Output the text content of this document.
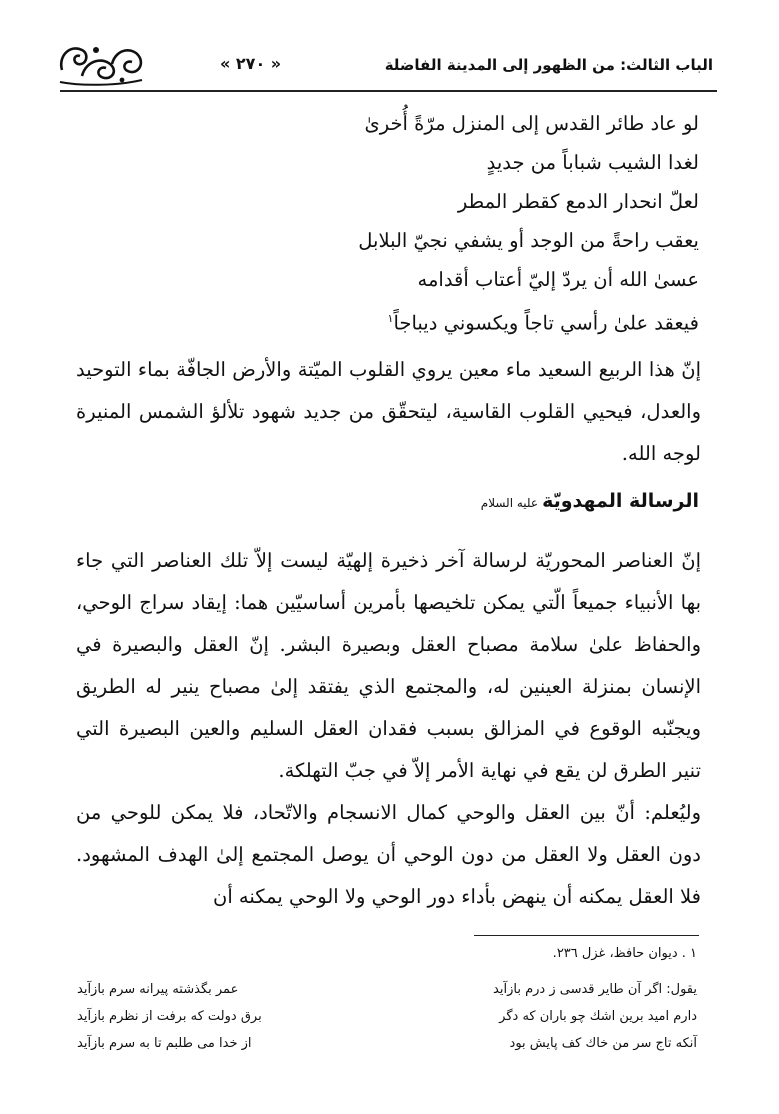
الباب الثالث: من الظهور إلى المدينة الفاضلة
« ٢٧٠ »
لو عاد طائر القدس إلى المنزل مرّةً أُخرىٰ
لغدا الشيب شباباً من جديدٍ
لعلّ انحدار الدمع كقطر المطر
يعقب راحةً من الوجد أو يشفي نجيّ البلابل
عسىٰ الله أن يردّ إليّ أعتاب أقدامه
فيعقد علىٰ رأسي تاجاً ويكسوني ديباجاً$^١$
إنّ هذا الربيع السعيد ماء معين يروي القلوب الميّتة والأرض الجافّة بماء التوحيد والعدل، فيحيي القلوب القاسية، ليتحقّق من جديد شهود تلألؤ الشمس المنيرة لوجه الله.
الرسالة المهدويّةعليه السلام
إنّ العناصر المحوريّة لرسالة آخر ذخيرة إلهيّة ليست إلاّ تلك العناصر التي جاء بها الأنبياء جميعاً الّتي يمكن تلخيصها بأمرين أساسيّين هما: إيقاد سراج الوحي، والحفاظ علىٰ سلامة مصباح العقل وبصيرة البشر. إنّ العقل والبصيرة في الإنسان بمنزلة العينين له، والمجتمع الذي يفتقد إلىٰ مصباح ينير له الطريق ويجنّبه الوقوع في المزالق بسبب فقدان العقل السليم والعين البصيرة التي تنير الطرق لن يقع في نهاية الأمر إلاّ في جبّ التهلكة.
وليُعلم: أنّ بين العقل والوحي كمال الانسجام والاتّحاد، فلا يمكن للوحي من دون العقل ولا العقل من دون الوحي أن يوصل المجتمع إلىٰ الهدف المشهود. فلا العقل يمكنه أن ينهض بأداء دور الوحي ولا الوحي يمكنه أن
١ . ديوان حافظ، غزل ٢٣٦.
يقول: اگر آن طاير قدسى ز درم بازآيد
عمر بگذشته پيرانه سرم بازآيد
دارم اميد برين اشك چو باران كه دگر
برق دولت كه برفت از نظرم بازآيد
آنكه تاج سر من خاك كف پايش بود
از خدا مى طلبم تا به سرم بازآيد
